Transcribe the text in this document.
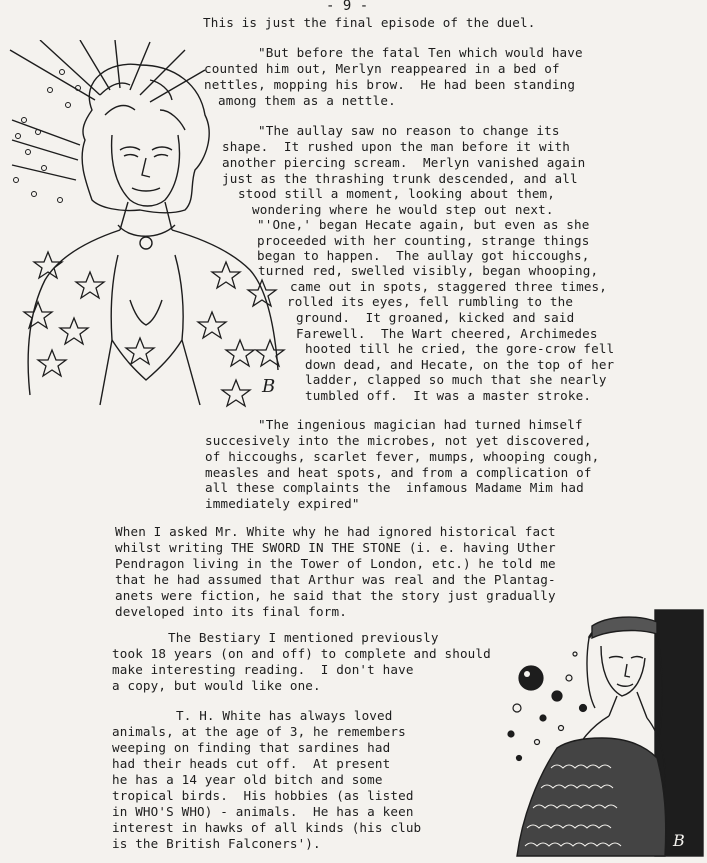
- 9 -
This is just the final episode of the duel.
"But before the fatal Ten which would have
counted him out, Merlyn reappeared in a bed of
nettles, mopping his brow.  He had been standing
among them as a nettle.
"The aullay saw no reason to change its
shape.  It rushed upon the man before it with
another piercing scream.  Merlyn vanished again
just as the thrashing trunk descended, and all
stood still a moment, looking about them,
wondering where he would step out next.
"'One,' began Hecate again, but even as she
proceeded with her counting, strange things
began to happen.  The aullay got hiccoughs,
turned red, swelled visibly, began whooping,
came out in spots, staggered three times,
rolled its eyes, fell rumbling to the
ground.  It groaned, kicked and said
Farewell.  The Wart cheered, Archimedes
hooted till he cried, the gore-crow fell
down dead, and Hecate, on the top of her
ladder, clapped so much that she nearly
tumbled off.  It was a master stroke.
"The ingenious magician had turned himself
succesively into the microbes, not yet discovered,
of hiccoughs, scarlet fever, mumps, whooping cough,
measles and heat spots, and from a complication of
all these complaints the  infamous Madame Mim had
immediately expired"
When I asked Mr. White why he had ignored historical fact
whilst writing THE SWORD IN THE STONE (i. e. having Uther
Pendragon living in the Tower of London, etc.) he told me
that he had assumed that Arthur was real and the Plantag-
anets were fiction, he said that the story just gradually
developed into its final form.
The Bestiary I mentioned previously
took 18 years (on and off) to complete and should
make interesting reading.  I don't have
a copy, but would like one.
T. H. White has always loved
animals, at the age of 3, he remembers
weeping on finding that sardines had
had their heads cut off.  At present
he has a 14 year old bitch and some
tropical birds.  His hobbies (as listed
in WHO'S WHO) - animals.  He has a keen
interest in hawks of all kinds (his club
is the British Falconers').
B
B
